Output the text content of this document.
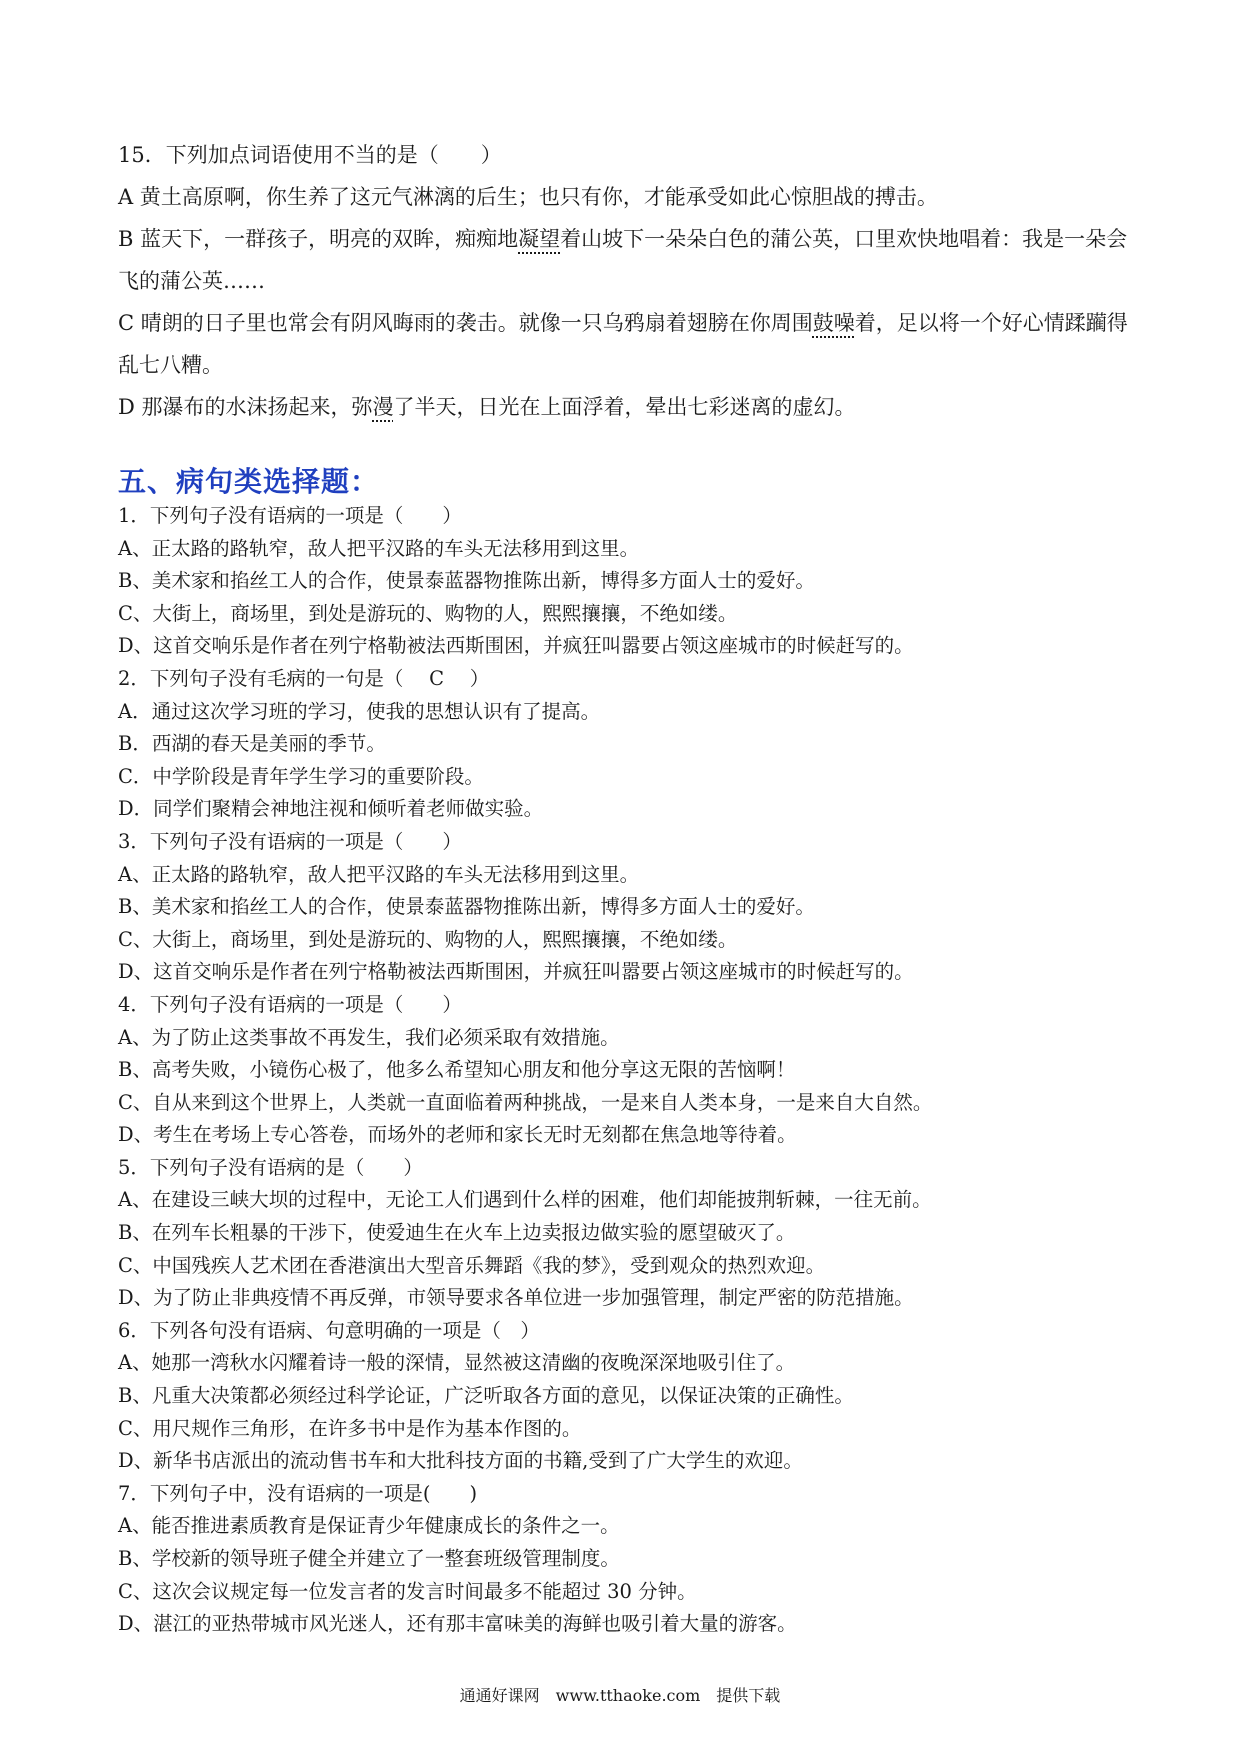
15．下列加点词语使用不当的是（　　）
A 黄土高原啊，你生养了这元气淋漓的后生；也只有你，才能承受如此心惊胆战的搏击。
B 蓝天下，一群孩子，明亮的双眸，痴痴地凝望着山坡下一朵朵白色的蒲公英，口里欢快地唱着：我是一朵会飞的蒲公英……
C 晴朗的日子里也常会有阴风晦雨的袭击。就像一只乌鸦扇着翅膀在你周围鼓噪着，足以将一个好心情蹂躏得乱七八糟。
D 那瀑布的水沫扬起来，弥漫了半天，日光在上面浮着，晕出七彩迷离的虚幻。
五、病句类选择题：
1．下列句子没有语病的一项是（　　）
A、正太路的路轨窄，敌人把平汉路的车头无法移用到这里。
B、美术家和掐丝工人的合作，使景泰蓝器物推陈出新，博得多方面人士的爱好。
C、大街上，商场里，到处是游玩的、购物的人，熙熙攘攘，不绝如缕。
D、这首交响乐是作者在列宁格勒被法西斯围困，并疯狂叫嚣要占领这座城市的时候赶写的。
2．下列句子没有毛病的一句是（　 C　 ）
A．通过这次学习班的学习，使我的思想认识有了提高。
B．西湖的春天是美丽的季节。
C．中学阶段是青年学生学习的重要阶段。
D．同学们聚精会神地注视和倾听着老师做实验。
3．下列句子没有语病的一项是（　　）
A、正太路的路轨窄，敌人把平汉路的车头无法移用到这里。
B、美术家和掐丝工人的合作，使景泰蓝器物推陈出新，博得多方面人士的爱好。
C、大街上，商场里，到处是游玩的、购物的人，熙熙攘攘，不绝如缕。
D、这首交响乐是作者在列宁格勒被法西斯围困，并疯狂叫嚣要占领这座城市的时候赶写的。
4．下列句子没有语病的一项是（　　）
A、为了防止这类事故不再发生，我们必须采取有效措施。
B、高考失败，小镜伤心极了，他多么希望知心朋友和他分享这无限的苦恼啊！
C、自从来到这个世界上，人类就一直面临着两种挑战，一是来自人类本身，一是来自大自然。
D、考生在考场上专心答卷，而场外的老师和家长无时无刻都在焦急地等待着。
5．下列句子没有语病的是（　　）
A、在建设三峡大坝的过程中，无论工人们遇到什么样的困难，他们却能披荆斩棘，一往无前。
B、在列车长粗暴的干涉下，使爱迪生在火车上边卖报边做实验的愿望破灭了。
C、中国残疾人艺术团在香港演出大型音乐舞蹈《我的梦》，受到观众的热烈欢迎。
D、为了防止非典疫情不再反弹，市领导要求各单位进一步加强管理，制定严密的防范措施。
6．下列各句没有语病、句意明确的一项是（　）
A、她那一湾秋水闪耀着诗一般的深情，显然被这清幽的夜晚深深地吸引住了。
B、凡重大决策都必须经过科学论证，广泛听取各方面的意见，以保证决策的正确性。
C、用尺规作三角形，在许多书中是作为基本作图的。
D、新华书店派出的流动售书车和大批科技方面的书籍,受到了广大学生的欢迎。
7．下列句子中，没有语病的一项是(　　)
A、能否推进素质教育是保证青少年健康成长的条件之一。
B、学校新的领导班子健全并建立了一整套班级管理制度。
C、这次会议规定每一位发言者的发言时间最多不能超过 30 分钟。
D、湛江的亚热带城市风光迷人，还有那丰富味美的海鲜也吸引着大量的游客。
通通好课网　www.tthaoke.com　提供下载
